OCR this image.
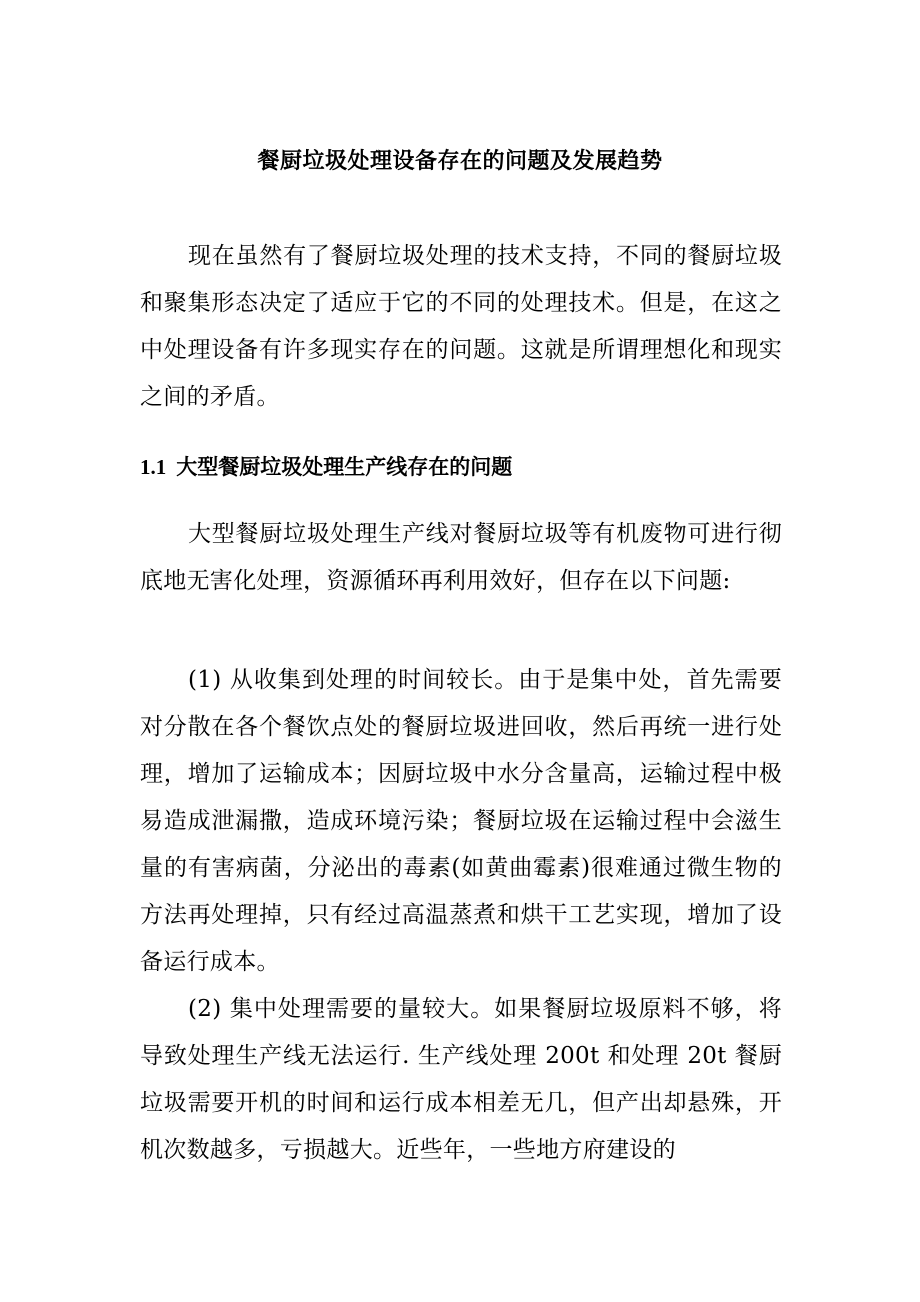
餐厨垃圾处理设备存在的问题及发展趋势

现在虽然有了餐厨垃圾处理的技术支持，不同的餐厨垃圾和聚集形态决定了适应于它的不同的处理技术。但是，在这之中处理设备有许多现实存在的问题。这就是所谓理想化和现实之间的矛盾。

1.1 大型餐厨垃圾处理生产线存在的问题

大型餐厨垃圾处理生产线对餐厨垃圾等有机废物可进行彻底地无害化处理，资源循环再利用效好，但存在以下问题:

(1) 从收集到处理的时间较长。由于是集中处，首先需要对分散在各个餐饮点处的餐厨垃圾进回收，然后再统一进行处理，增加了运输成本；因厨垃圾中水分含量高，运输过程中极易造成泄漏撒，造成环境污染；餐厨垃圾在运输过程中会滋生量的有害病菌，分泌出的毒素(如黄曲霉素)很难通过微生物的方法再处理掉，只有经过高温蒸煮和烘干工艺实现，增加了设备运行成本。

(2) 集中处理需要的量较大。如果餐厨垃圾原料不够，将导致处理生产线无法运行. 生产线处理 200t 和处理 20t 餐厨垃圾需要开机的时间和运行成本相差无几，但产出却悬殊，开机次数越多，亏损越大。近些年，一些地方府建设的
